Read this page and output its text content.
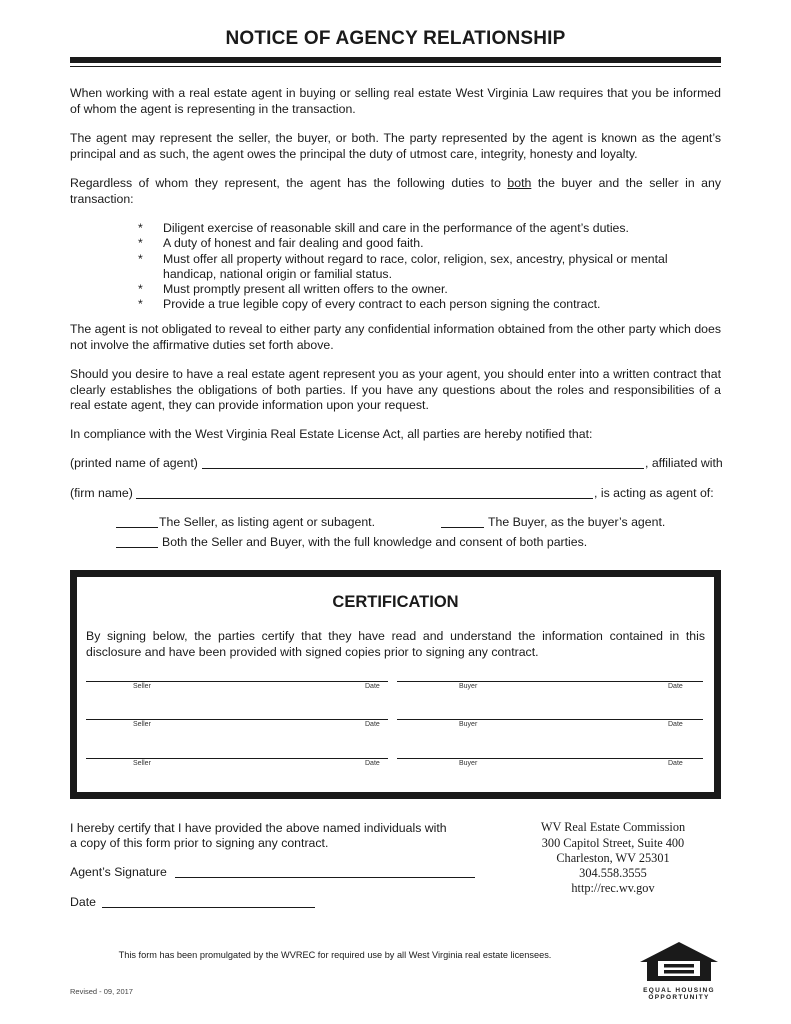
NOTICE OF AGENCY RELATIONSHIP
When working with a real estate agent in buying or selling real estate West Virginia Law requires that you be informed of whom the agent is representing in the transaction.
The agent may represent the seller, the buyer, or both. The party represented by the agent is known as the agent’s principal and as such, the agent owes the principal the duty of utmost care, integrity, honesty and loyalty.
Regardless of whom they represent, the agent has the following duties to both the buyer and the seller in any transaction:
* Diligent exercise of reasonable skill and care in the performance of the agent’s duties.
* A duty of honest and fair dealing and good faith.
* Must offer all property without regard to race, color, religion, sex, ancestry, physical or mental handicap, national origin or familial status.
* Must promptly present all written offers to the owner.
* Provide a true legible copy of every contract to each person signing the contract.
The agent is not obligated to reveal to either party any confidential information obtained from the other party which does not involve the affirmative duties set forth above.
Should you desire to have a real estate agent represent you as your agent, you should enter into a written contract that clearly establishes the obligations of both parties. If you have any questions about the roles and responsibilities of a real estate agent, they can provide information upon your request.
In compliance with the West Virginia Real Estate License Act, all parties are hereby notified that:
(printed name of agent)	, affiliated with
(firm name)	, is acting as agent of:
The Seller, as listing agent or subagent.	The Buyer, as the buyer’s agent.
Both the Seller and Buyer, with the full knowledge and consent of both parties.
CERTIFICATION
By signing below, the parties certify that they have read and understand the information contained in this disclosure and have been provided with signed copies prior to signing any contract.
Seller	Date	Buyer	Date
Seller	Date	Buyer	Date
Seller	Date	Buyer	Date
I hereby certify that I have provided the above named individuals with
a copy of this form prior to signing any contract.
Agent’s Signature
Date
WV Real Estate Commission
300 Capitol Street, Suite 400
Charleston, WV 25301
304.558.3555
http://rec.wv.gov
This form has been promulgated by the WVREC for required use by all West Virginia real estate licensees.
Revised - 09, 2017	EQUAL HOUSING
OPPORTUNITY
